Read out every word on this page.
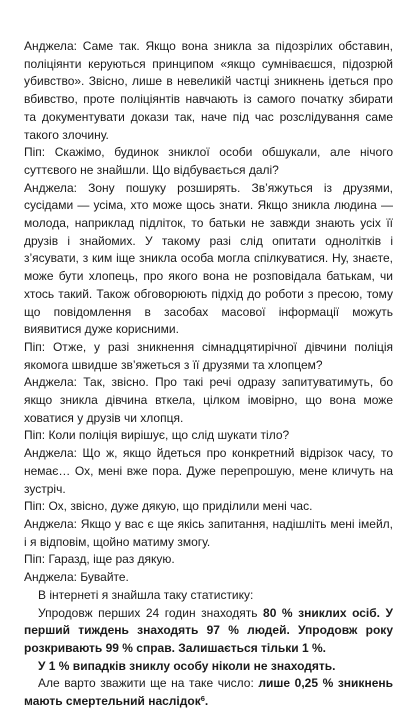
Анджела: Саме так. Якщо вона зникла за підозрілих обставин, поліціянти керуються принципом «якщо сумніваєшся, підозрюй убивство». Звісно, лише в невеликій частці зникнень ідеться про вбивство, проте поліціянтів навчають із самого початку збирати та документувати докази так, наче під час розслідування саме такого злочину.

Піп: Скажімо, будинок зниклої особи обшукали, але нічого суттєвого не знайшли. Що відбувається далі?

Анджела: Зону пошуку розширять. Зв’яжуться із друзями, сусідами — усіма, хто може щось знати. Якщо зникла людина — молода, наприклад підліток, то батьки не завжди знають усіх її друзів і знайомих. У такому разі слід опитати однолітків і з’ясувати, з ким іще зникла особа могла спілкуватися. Ну, знаєте, може бути хлопець, про якого вона не розповідала батькам, чи хтось такий. Також обговорюють підхід до роботи з пресою, тому що повідомлення в засобах масової інформації можуть виявитися дуже корисними.

Піп: Отже, у разі зникнення сімнадцятирічної дівчини поліція якомога швидше зв’яжеться з її друзями та хлопцем?

Анджела: Так, звісно. Про такі речі одразу запитуватимуть, бо якщо зникла дівчина вткела, цілком імовірно, що вона може ховатися у друзів чи хлопця.

Піп: Коли поліція вирішує, що слід шукати тіло?

Анджела: Що ж, якщо йдеться про конкретний відрізок часу, то немає… Ох, мені вже пора. Дуже перепрошую, мене кличуть на зустріч.

Піп: Ох, звісно, дуже дякую, що приділили мені час.

Анджела: Якщо у вас є ще якісь запитання, надішліть мені імейл, і я відповім, щойно матиму змогу.

Піп: Гаразд, іще раз дякую.

Анджела: Бувайте.

В інтернеті я знайшла таку статистику:

Упродовж перших 24 годин знаходять 80 % зниклих осіб. У перший тиждень знаходять 97 % людей. Упродовж року розкривають 99 % справ. Залишається тільки 1 %.

У 1 % випадків зниклу особу ніколи не знаходять.

Але варто зважити ще на таке число: лише 0,25 % зникнень мають смертельний наслідок$^6$.
